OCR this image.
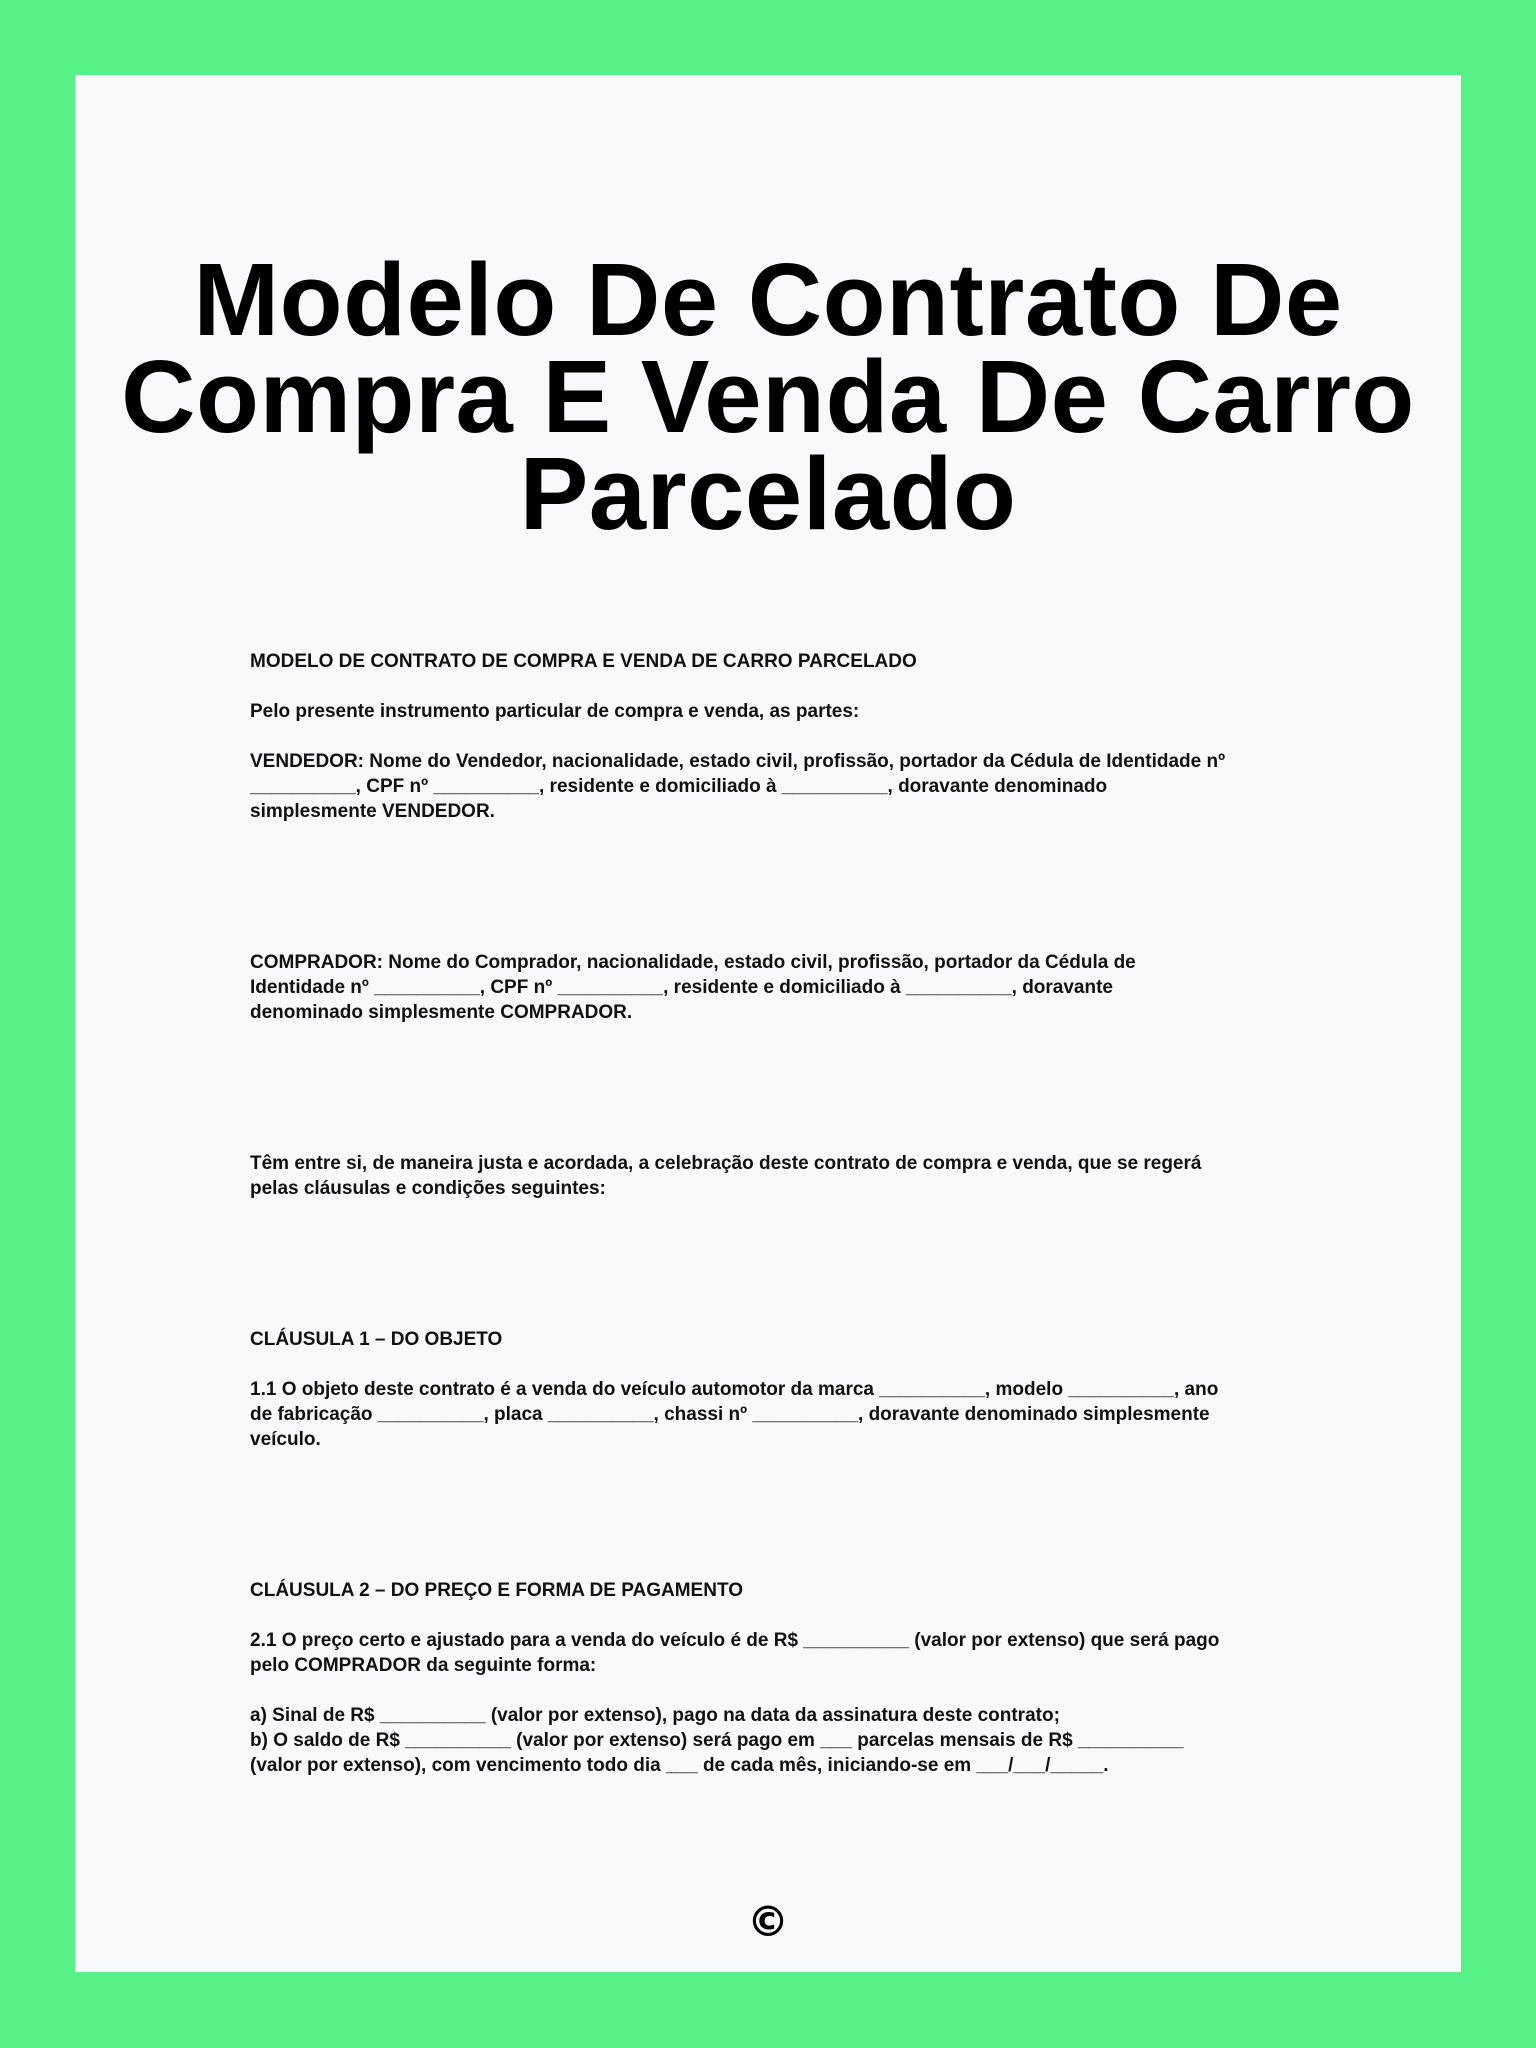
Modelo De Contrato De Compra E Venda De Carro Parcelado

MODELO DE CONTRATO DE COMPRA E VENDA DE CARRO PARCELADO

Pelo presente instrumento particular de compra e venda, as partes:

VENDEDOR: Nome do Vendedor, nacionalidade, estado civil, profissão, portador da Cédula de Identidade nº
__________, CPF nº __________, residente e domiciliado à __________, doravante denominado
simplesmente VENDEDOR.

COMPRADOR: Nome do Comprador, nacionalidade, estado civil, profissão, portador da Cédula de
Identidade nº __________, CPF nº __________, residente e domiciliado à __________, doravante
denominado simplesmente COMPRADOR.

Têm entre si, de maneira justa e acordada, a celebração deste contrato de compra e venda, que se regerá
pelas cláusulas e condições seguintes:

CLÁUSULA 1 – DO OBJETO

1.1 O objeto deste contrato é a venda do veículo automotor da marca __________, modelo __________, ano
de fabricação __________, placa __________, chassi nº __________, doravante denominado simplesmente
veículo.

CLÁUSULA 2 – DO PREÇO E FORMA DE PAGAMENTO

2.1 O preço certo e ajustado para a venda do veículo é de R$ __________ (valor por extenso) que será pago
pelo COMPRADOR da seguinte forma:

a) Sinal de R$ __________ (valor por extenso), pago na data da assinatura deste contrato;
b) O saldo de R$ __________ (valor por extenso) será pago em ___ parcelas mensais de R$ __________
(valor por extenso), com vencimento todo dia ___ de cada mês, iniciando-se em ___/___/_____.

©
